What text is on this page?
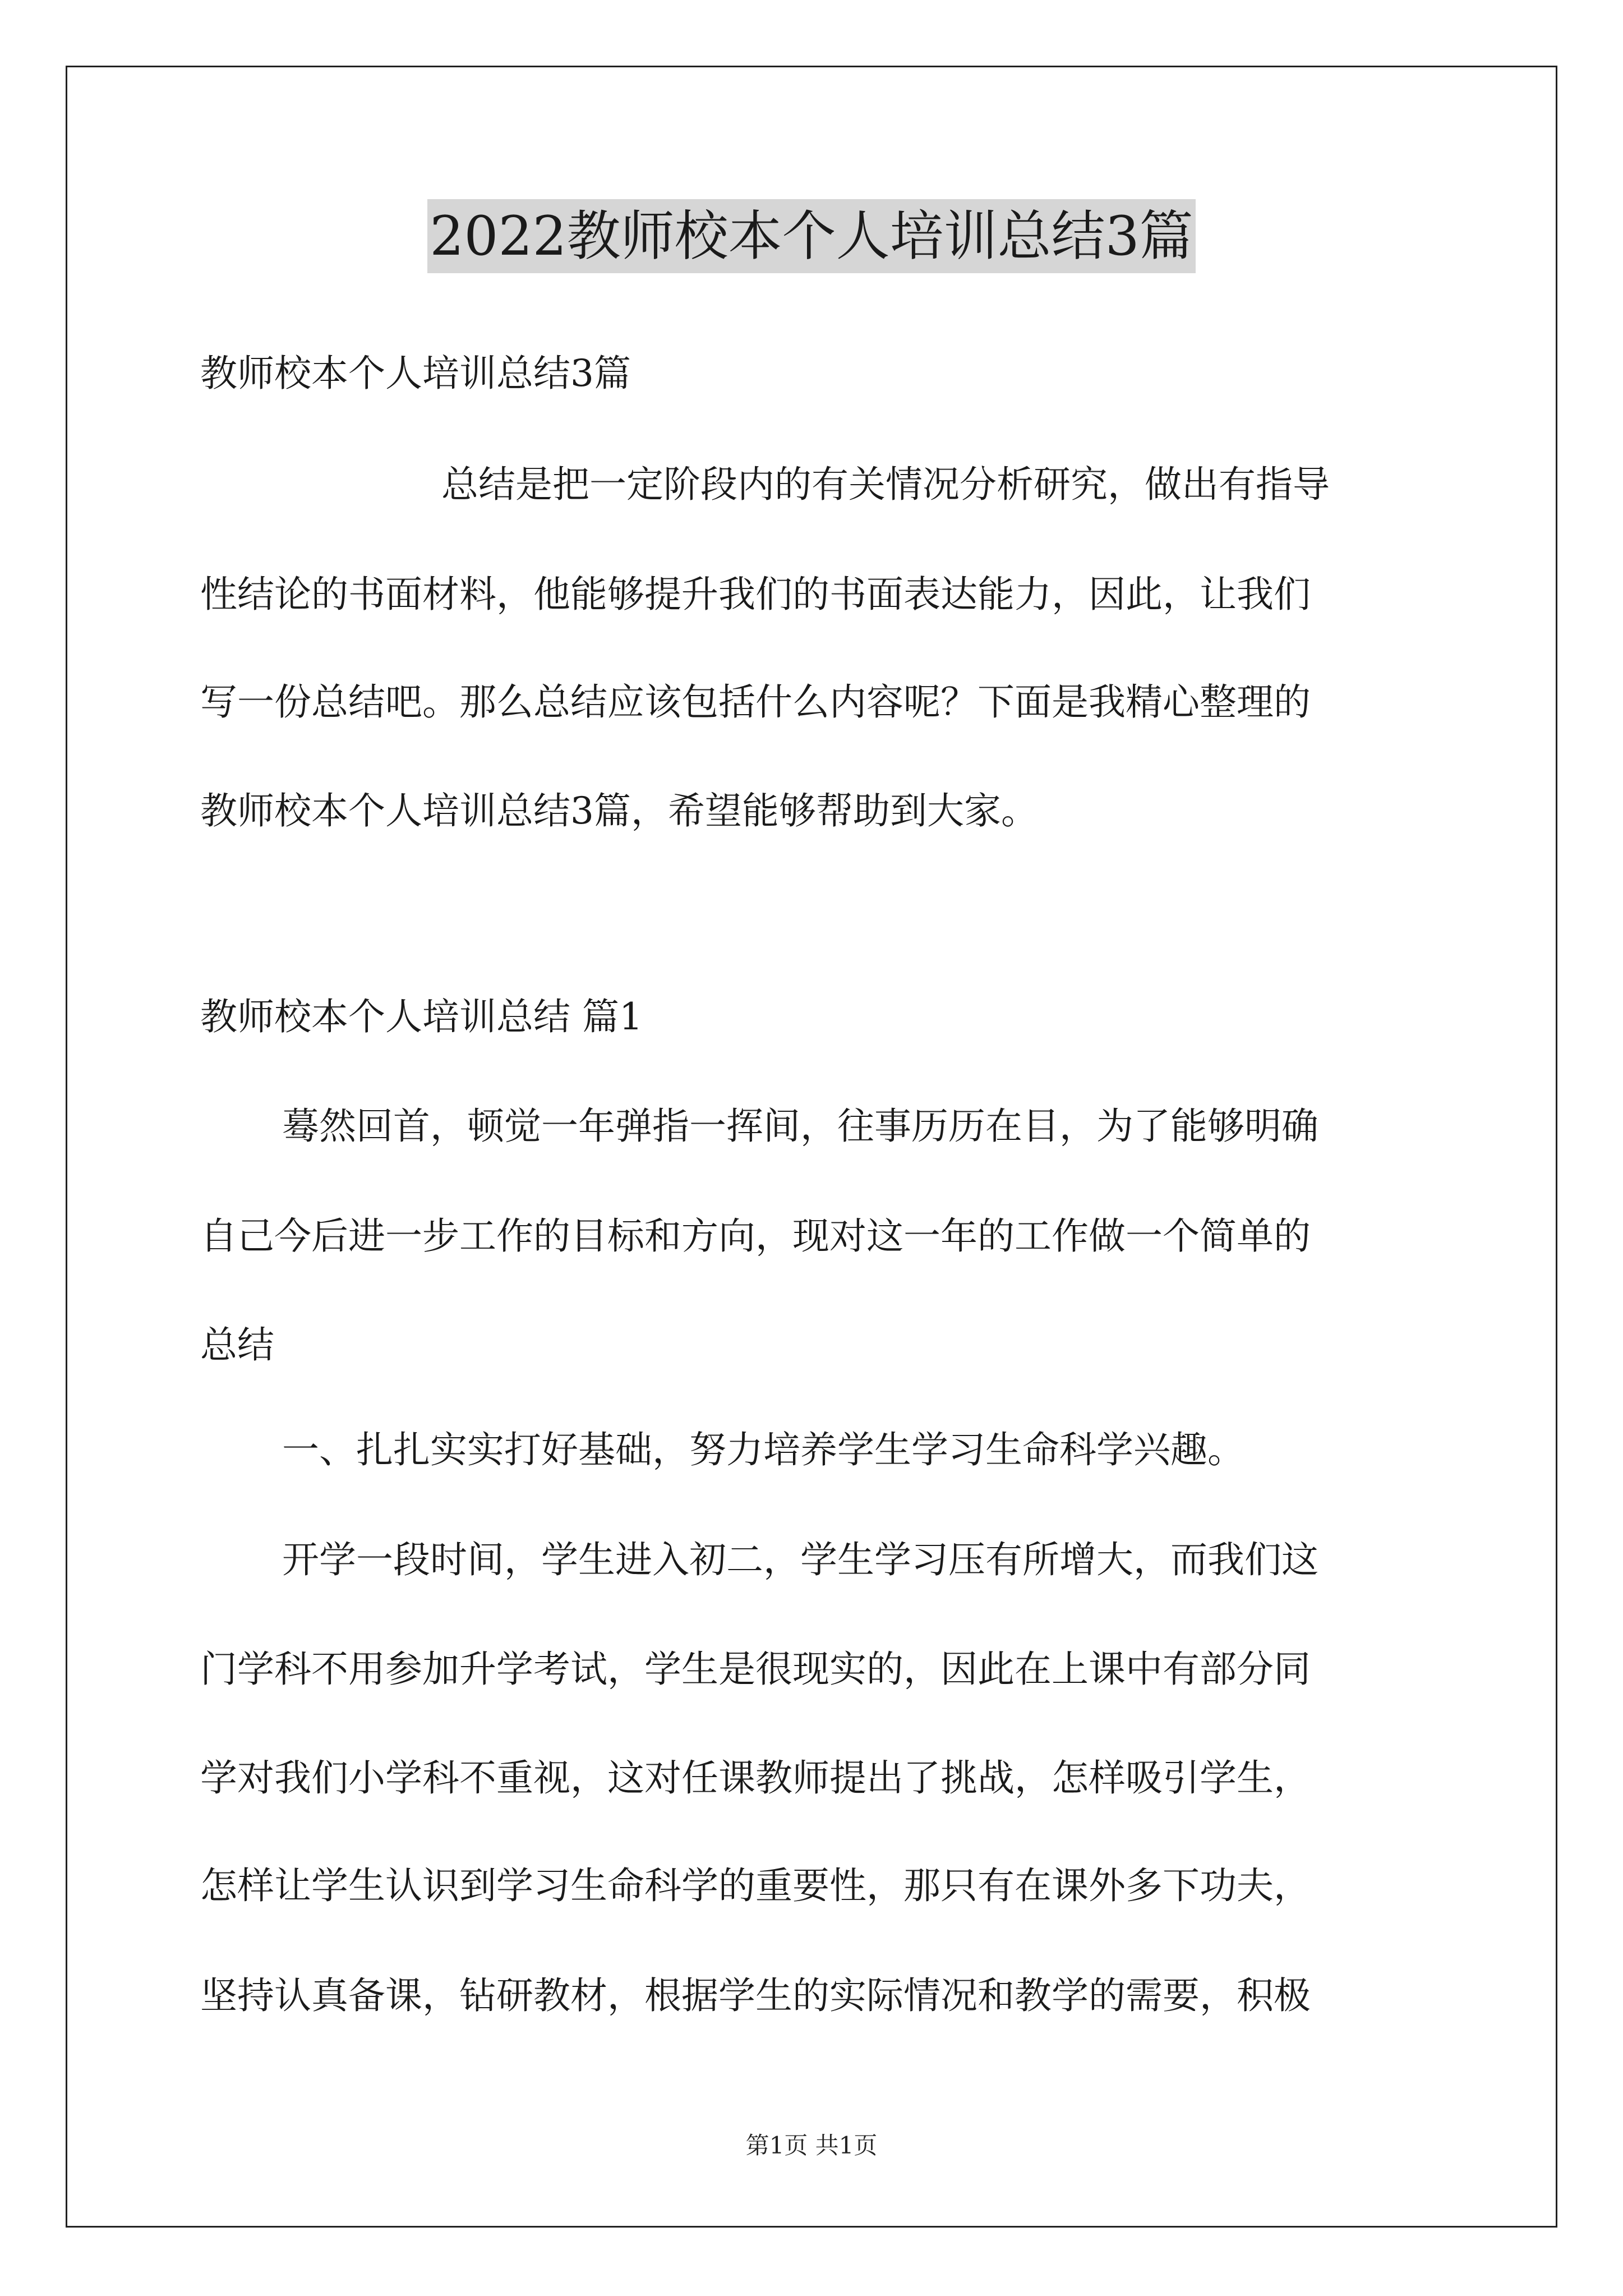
2022教师校本个人培训总结3篇
教师校本个人培训总结3篇
总结是把一定阶段内的有关情况分析研究，做出有指导
性结论的书面材料，他能够提升我们的书面表达能力，因此，让我们
写一份总结吧。那么总结应该包括什么内容呢？下面是我精心整理的
教师校本个人培训总结3篇，希望能够帮助到大家。
教师校本个人培训总结 篇1
蓦然回首，顿觉一年弹指一挥间，往事历历在目，为了能够明确
自己今后进一步工作的目标和方向，现对这一年的工作做一个简单的
总结
一、扎扎实实打好基础，努力培养学生学习生命科学兴趣。
开学一段时间，学生进入初二，学生学习压有所增大，而我们这
门学科不用参加升学考试，学生是很现实的，因此在上课中有部分同
学对我们小学科不重视，这对任课教师提出了挑战，怎样吸引学生，
怎样让学生认识到学习生命科学的重要性，那只有在课外多下功夫，
坚持认真备课，钻研教材，根据学生的实际情况和教学的需要，积极
第1页 共1页
